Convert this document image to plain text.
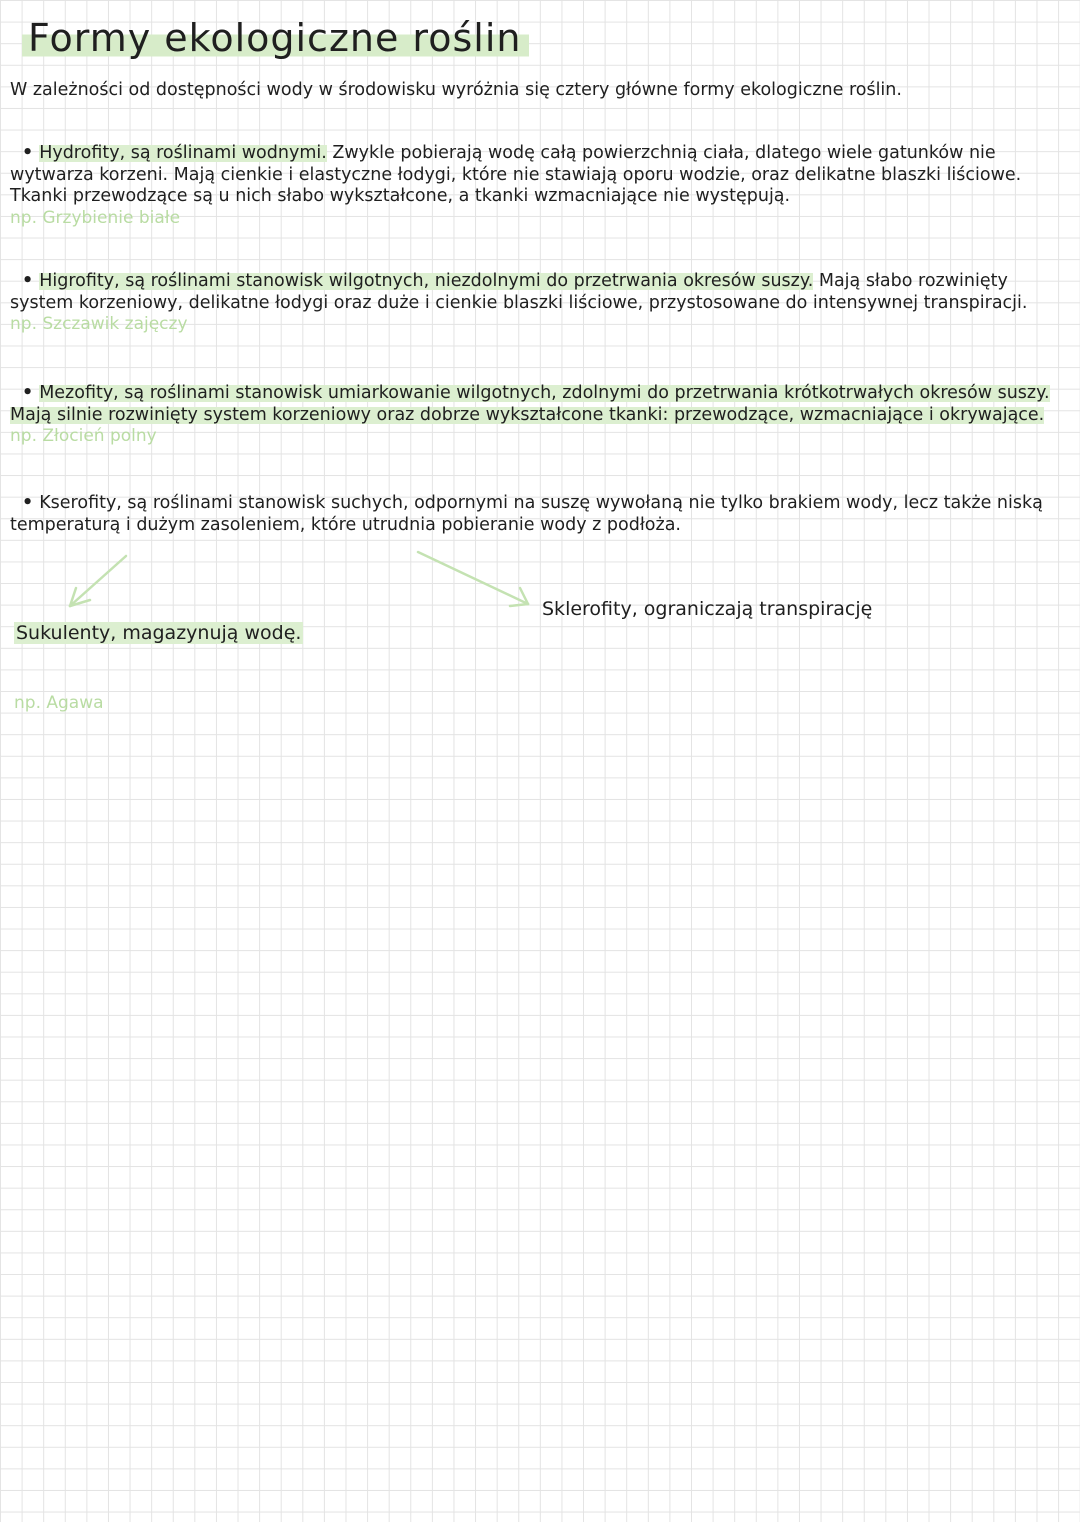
Formy ekologiczne roślin
W zależności od dostępności wody w środowisku wyróżnia się cztery główne formy ekologiczne roślin.
• Hydrofity, są roślinami wodnymi. Zwykle pobierają wodę całą powierzchnią ciała, dlatego wiele gatunków nie wytwarza korzeni. Mają cienkie i elastyczne łodygi, które nie stawiają oporu wodzie, oraz delikatne blaszki liściowe. Tkanki przewodzące są u nich słabo wykształcone, a tkanki wzmacniające nie występują.
np. Grzybienie białe
• Higrofity, są roślinami stanowisk wilgotnych, niezdolnymi do przetrwania okresów suszy. Mają słabo rozwinięty system korzeniowy, delikatne łodygi oraz duże i cienkie blaszki liściowe, przystosowane do intensywnej transpiracji.
np. Szczawik zajęczy
• Mezofity, są roślinami stanowisk umiarkowanie wilgotnych, zdolnymi do przetrwania krótkotrwałych okresów suszy. Mają silnie rozwinięty system korzeniowy oraz dobrze wykształcone tkanki: przewodzące, wzmacniające i okrywające.
np. Złocień polny
• Kserofity, są roślinami stanowisk suchych, odpornymi na suszę wywołaną nie tylko brakiem wody, lecz także niską temperaturą i dużym zasoleniem, które utrudnia pobieranie wody z podłoża.
Sukulenty, magazynują wodę.
np. Agawa
Sklerofity, ograniczają transpirację
